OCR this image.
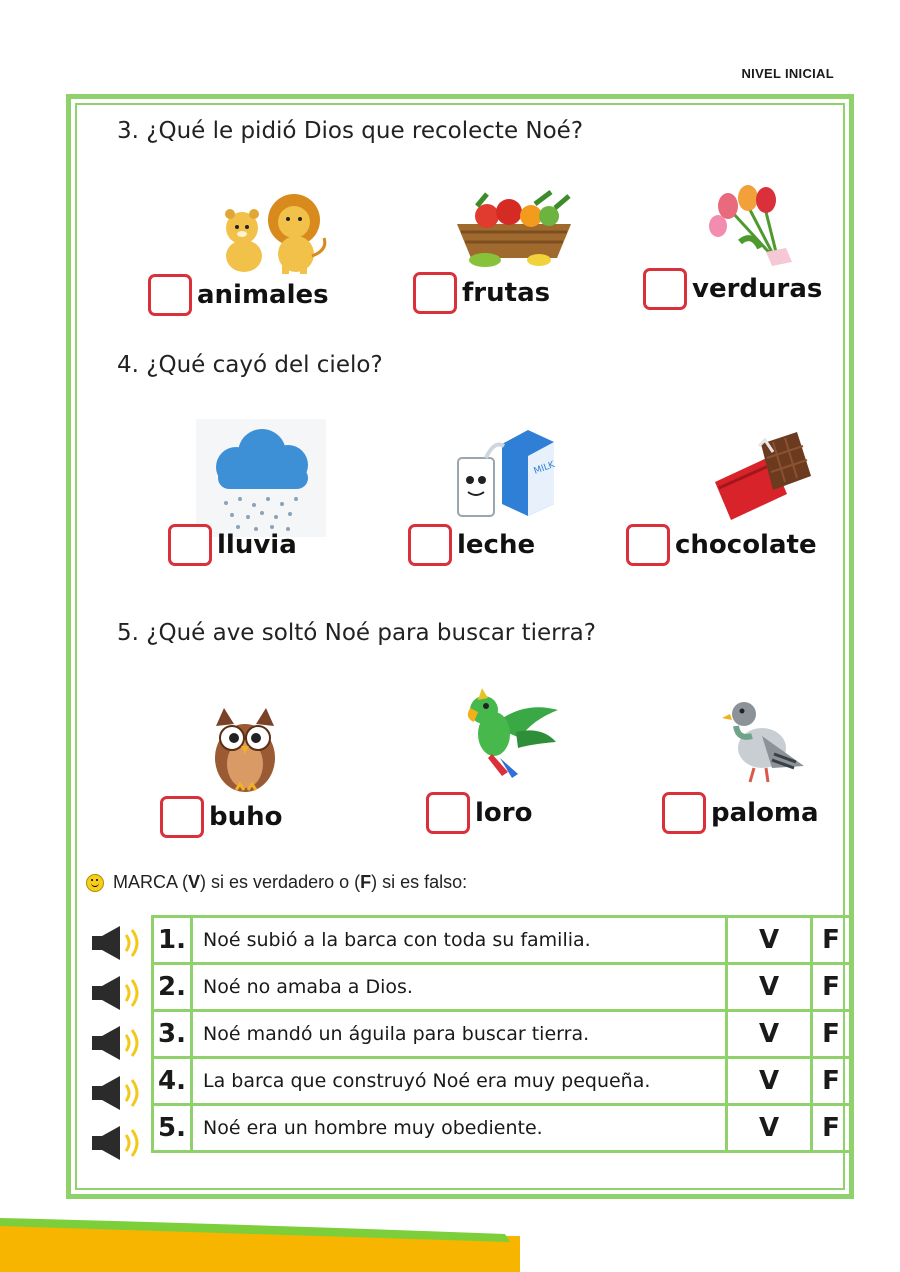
NIVEL INICIAL
3. ¿Qué le pidió Dios que recolecte Noé?
animales	frutas	verduras
4. ¿Qué cayó del cielo?
lluvia
MILK
leche	chocolate
5. ¿Qué ave soltó Noé para buscar tierra?
buho	loro	paloma
MARCA ( V ) si es verdadero o ( F ) si es falso:
1.	Noé subió a la barca con toda su familia.	V	F
2.	Noé no amaba a Dios.	V	F
3.	Noé mandó un águila para buscar tierra.	V	F
4.	La barca que construyó Noé era muy pequeña.	V	F
5.	Noé era un hombre muy obediente.	V	F
